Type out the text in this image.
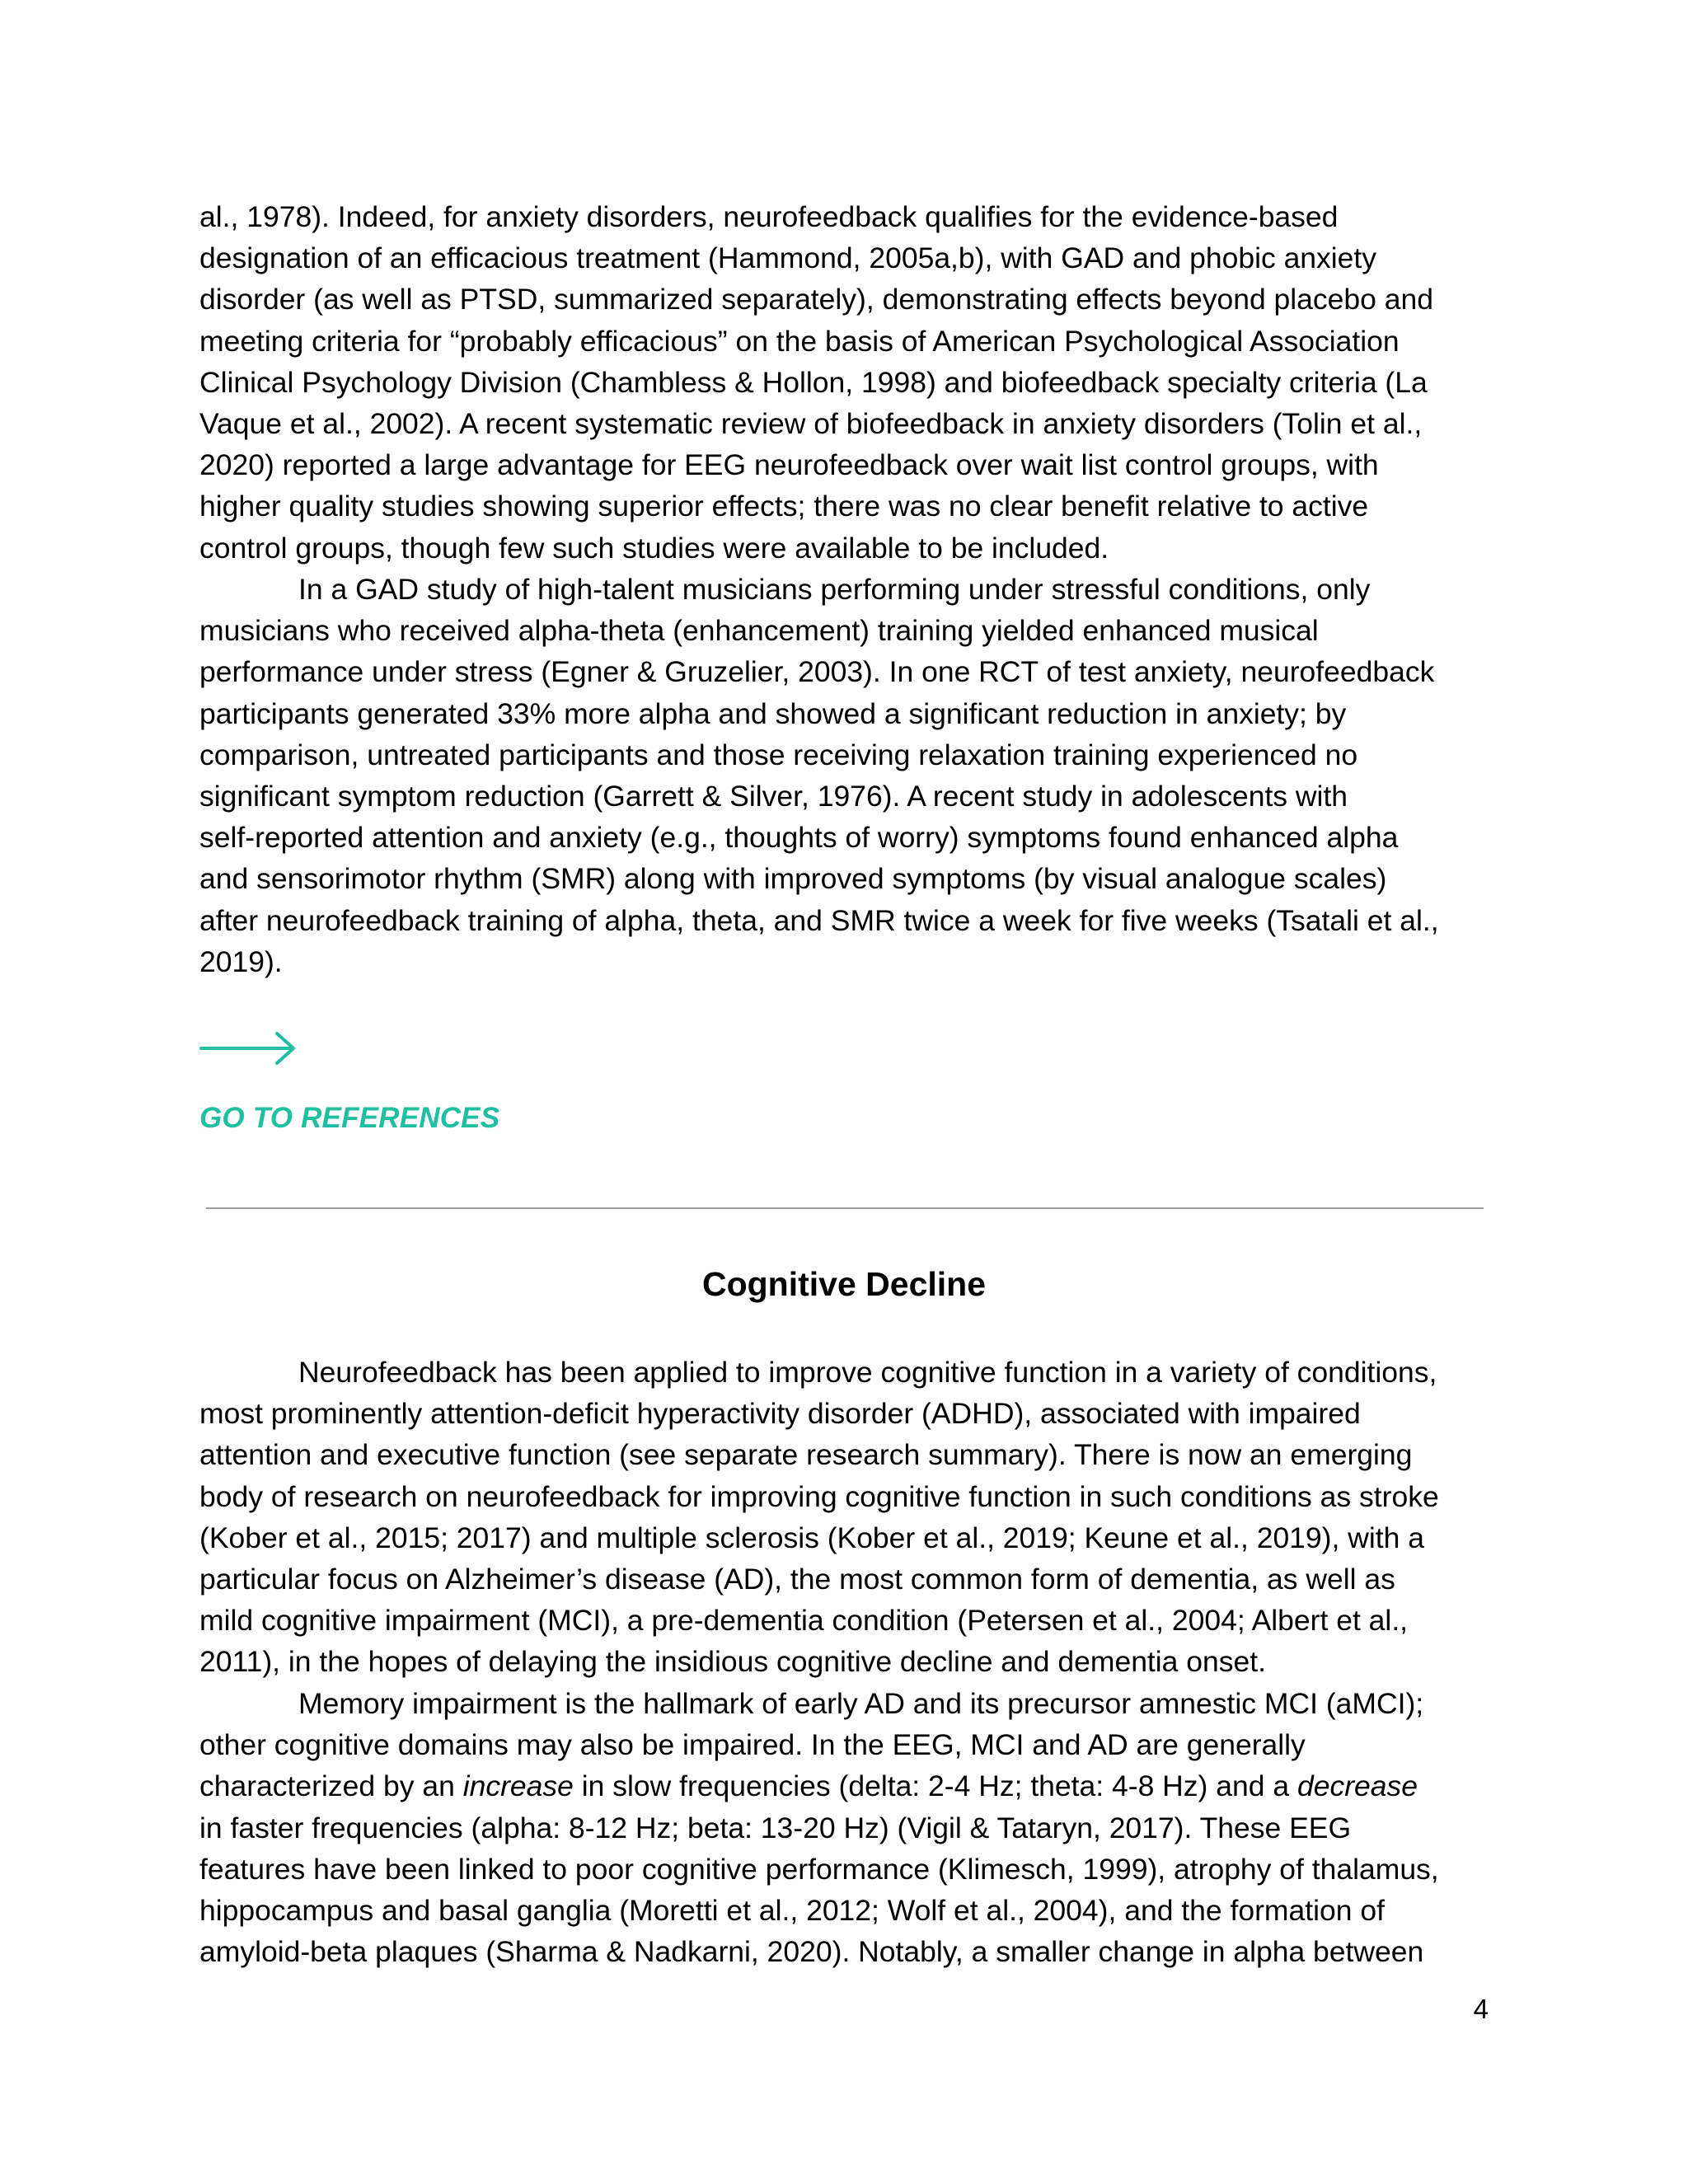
al., 1978). Indeed, for anxiety disorders, neurofeedback qualifies for the evidence-based
designation of an efficacious treatment (Hammond, 2005a,b), with GAD and phobic anxiety
disorder (as well as PTSD, summarized separately), demonstrating effects beyond placebo and
meeting criteria for “probably efficacious” on the basis of American Psychological Association
Clinical Psychology Division (Chambless & Hollon, 1998) and biofeedback specialty criteria (La
Vaque et al., 2002). A recent systematic review of biofeedback in anxiety disorders (Tolin et al.,
2020) reported a large advantage for EEG neurofeedback over wait list control groups, with
higher quality studies showing superior effects; there was no clear benefit relative to active
control groups, though few such studies were available to be included.

In a GAD study of high-talent musicians performing under stressful conditions, only
musicians who received alpha-theta (enhancement) training yielded enhanced musical
performance under stress (Egner & Gruzelier, 2003). In one RCT of test anxiety, neurofeedback
participants generated 33% more alpha and showed a significant reduction in anxiety; by
comparison, untreated participants and those receiving relaxation training experienced no
significant symptom reduction (Garrett & Silver, 1976). A recent study in adolescents with
self-reported attention and anxiety (e.g., thoughts of worry) symptoms found enhanced alpha
and sensorimotor rhythm (SMR) along with improved symptoms (by visual analogue scales)
after neurofeedback training of alpha, theta, and SMR twice a week for five weeks (Tsatali et al.,
2019).

GO TO REFERENCES
Cognitive Decline

Neurofeedback has been applied to improve cognitive function in a variety of conditions,
most prominently attention-deficit hyperactivity disorder (ADHD), associated with impaired
attention and executive function (see separate research summary). There is now an emerging
body of research on neurofeedback for improving cognitive function in such conditions as stroke
(Kober et al., 2015; 2017) and multiple sclerosis (Kober et al., 2019; Keune et al., 2019), with a
particular focus on Alzheimer’s disease (AD), the most common form of dementia, as well as
mild cognitive impairment (MCI), a pre-dementia condition (Petersen et al., 2004; Albert et al.,
2011), in the hopes of delaying the insidious cognitive decline and dementia onset.

Memory impairment is the hallmark of early AD and its precursor amnestic MCI (aMCI);
other cognitive domains may also be impaired. In the EEG, MCI and AD are generally
characterized by an increase in slow frequencies (delta: 2-4 Hz; theta: 4-8 Hz) and a decrease
in faster frequencies (alpha: 8-12 Hz; beta: 13-20 Hz) (Vigil & Tataryn, 2017). These EEG
features have been linked to poor cognitive performance (Klimesch, 1999), atrophy of thalamus,
hippocampus and basal ganglia (Moretti et al., 2012; Wolf et al., 2004), and the formation of
amyloid-beta plaques (Sharma & Nadkarni, 2020). Notably, a smaller change in alpha between

4
